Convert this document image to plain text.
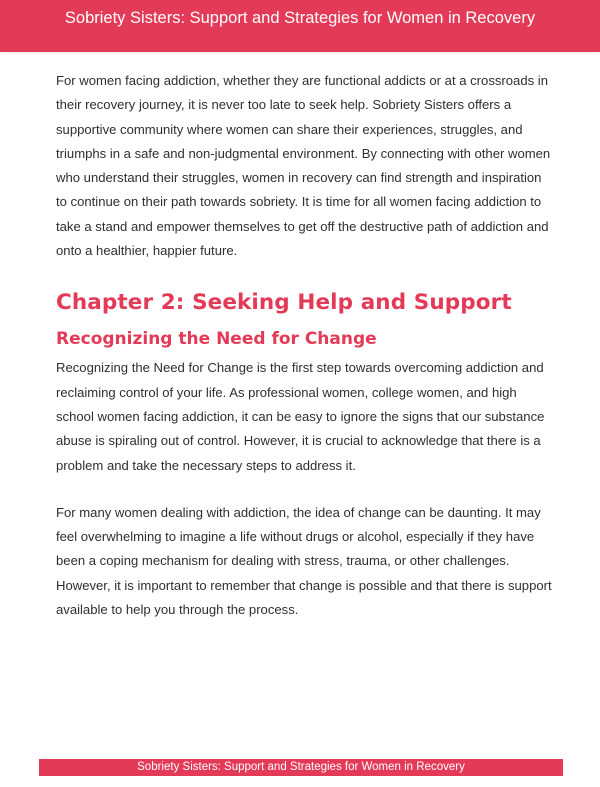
Sobriety Sisters: Support and Strategies for Women in Recovery

For women facing addiction, whether they are functional addicts or at a crossroads in their recovery journey, it is never too late to seek help. Sobriety Sisters offers a supportive community where women can share their experiences, struggles, and triumphs in a safe and non-judgmental environment. By connecting with other women who understand their struggles, women in recovery can find strength and inspiration to continue on their path towards sobriety. It is time for all women facing addiction to take a stand and empower themselves to get off the destructive path of addiction and onto a healthier, happier future.

Chapter 2: Seeking Help and Support
Recognizing the Need for Change

Recognizing the Need for Change is the first step towards overcoming addiction and reclaiming control of your life. As professional women, college women, and high school women facing addiction, it can be easy to ignore the signs that our substance abuse is spiraling out of control. However, it is crucial to acknowledge that there is a problem and take the necessary steps to address it.

For many women dealing with addiction, the idea of change can be daunting. It may feel overwhelming to imagine a life without drugs or alcohol, especially if they have been a coping mechanism for dealing with stress, trauma, or other challenges. However, it is important to remember that change is possible and that there is support available to help you through the process.

Sobriety Sisters: Support and Strategies for Women in Recovery
